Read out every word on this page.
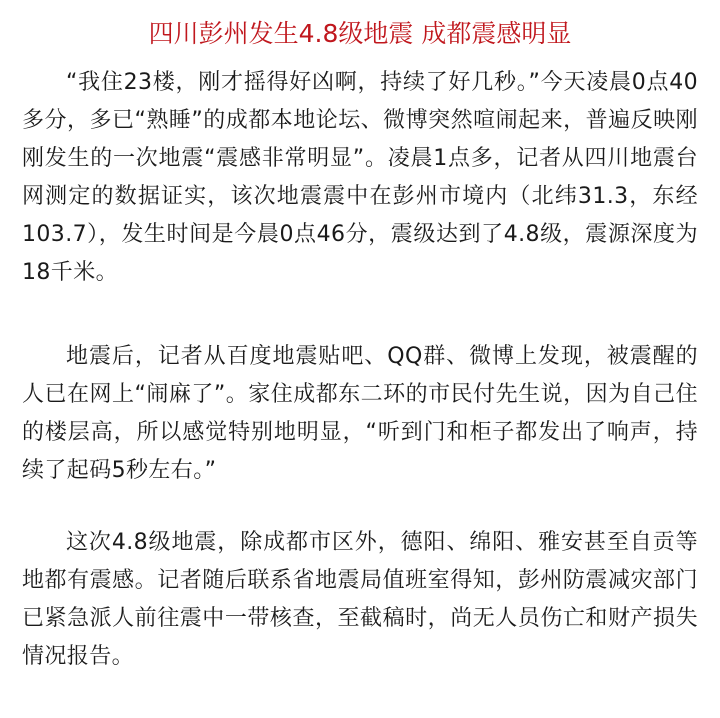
四川彭州发生4.8级地震 成都震感明显

“我住23楼，刚才摇得好凶啊，持续了好几秒。”今天凌晨0点40多分，多已“熟睡”的成都本地论坛、微博突然喧闹起来，普遍反映刚刚发生的一次地震“震感非常明显”。凌晨1点多，记者从四川地震台网测定的数据证实，该次地震震中在彭州市境内（北纬31.3，东经103.7），发生时间是今晨0点46分，震级达到了4.8级，震源深度为18千米。

地震后，记者从百度地震贴吧、QQ群、微博上发现，被震醒的人已在网上“闹麻了”。家住成都东二环的市民付先生说，因为自己住的楼层高，所以感觉特别地明显，“听到门和柜子都发出了响声，持续了起码5秒左右。”

这次4.8级地震，除成都市区外，德阳、绵阳、雅安甚至自贡等地都有震感。记者随后联系省地震局值班室得知，彭州防震减灾部门已紧急派人前往震中一带核查，至截稿时，尚无人员伤亡和财产损失情况报告。
